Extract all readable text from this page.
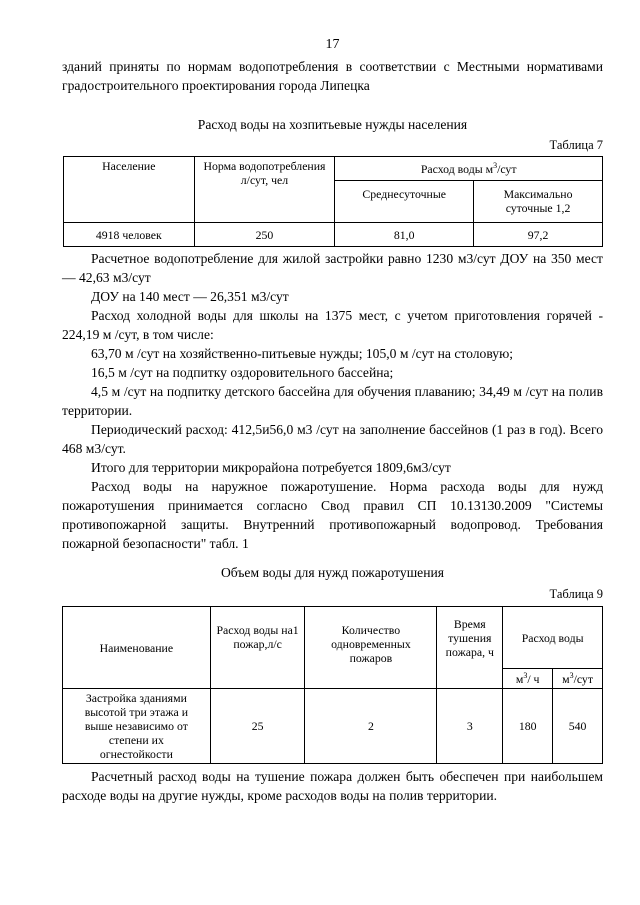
17

зданий приняты по нормам водопотребления в соответствии с Местными нормативами градостроительного проектирования города Липецка

Расход воды на хозпитьевые нужды населения
Таблица 7
Население	Норма водопотребления л/сут, чел	Расход воды $м^3$/сут	
		Среднесуточные	Максимально суточные 1,2
4918 человек	250	81,0	97,2

Расчетное водопотребление для жилой застройки равно 1230 м3/сут ДОУ на 350 мест — 42,63 м3/сут

ДОУ на 140 мест — 26,351 м3/сут

Расход холодной воды для школы на 1375 мест, с учетом приготовления горячей - 224,19 м /сут, в том числе:

63,70 м /сут на хозяйственно-питьевые нужды; 105,0 м /сут на столовую;

16,5 м /сут на подпитку оздоровительного бассейна;

4,5 м /сут на подпитку детского бассейна для обучения плаванию; 34,49 м /сут на полив территории.

Периодический расход: 412,5и56,0 м3 /сут на заполнение бассейнов (1 раз в год). Всего 468 м3/сут.

Итого для территории микрорайона потребуется 1809,6м3/сут

Расход воды на наружное пожаротушение. Норма расхода воды для нужд пожаротушения принимается согласно Свод правил СП 10.13130.2009 "Системы противопожарной защиты. Внутренний противопожарный водопровод. Требования пожарной безопасности" табл. 1

Объем воды для нужд пожаротушения
Таблица 9
Наименование	Расход воды на1 пожар,л/с	Количество одновременных пожаров	Время тушения пожара, ч	Расход воды	
				$м^3/$ ч	$м^3$/сут
Застройка зданиями высотой три этажа и выше независимо от степени их огнестойкости	25	2	3	180	540

Расчетный расход воды на тушение пожара должен быть обеспечен при наибольшем расходе воды на другие нужды, кроме расходов воды на полив территории.
